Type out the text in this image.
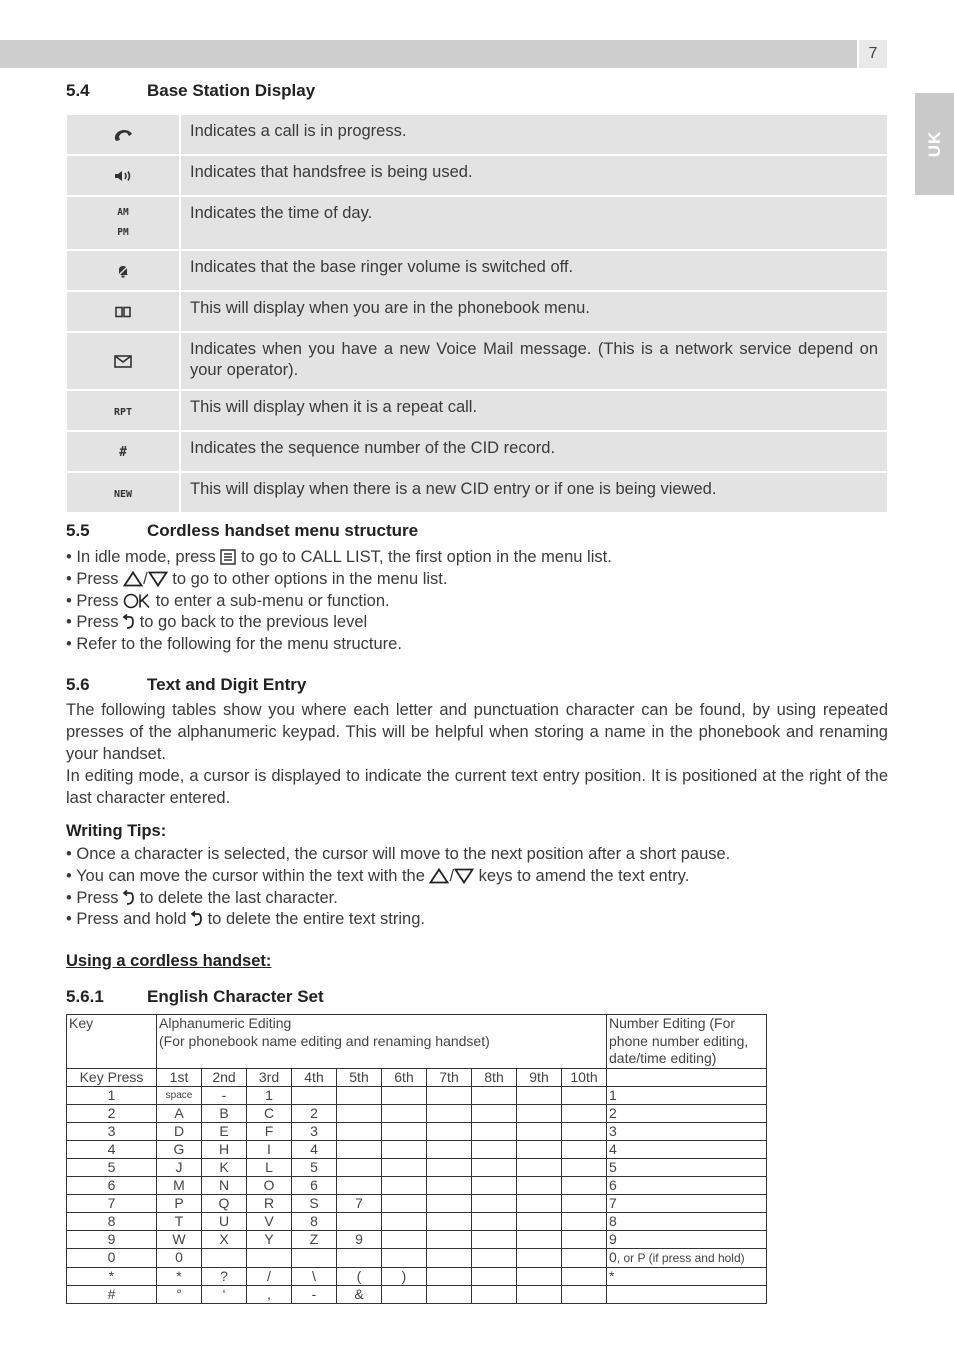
7
UK
5.4	Base Station Display
	Indicates a call is in progress.
	Indicates that handsfree is being used.

AM
PM	Indicates the time of day.
	Indicates that the base ringer volume is switched off.
	This will display when you are in the phonebook menu.
	Indicates when you have a new Voice Mail message. (This is a network service depend on your operator).
RPT	This will display when it is a repeat call.
#	Indicates the sequence number of the CID record.
NEW	This will display when there is a new CID entry or if one is being viewed.
5.5	Cordless handset menu structure
• In idle mode, press  to go to CALL LIST, the first option in the menu list.
• Press / to go to other options in the menu list.
• Press  to enter a sub-menu or function.
• Press  to go back to the previous level
• Refer to the following for the menu structure.
5.6	Text and Digit Entry
The following tables show you where each letter and punctuation character can be found, by using repeated presses of the alphanumeric keypad. This will be helpful when storing a name in the phonebook and renaming your handset.
In editing mode, a cursor is displayed to indicate the current text entry position. It is positioned at the right of the last character entered.
Writing Tips:
• Once a character is selected, the cursor will move to the next position after a short pause.
• You can move the cursor within the text with the / keys to amend the text entry.
• Press  to delete the last character.
• Press and hold  to delete the entire text string.
Using a cordless handset:
5.6.1	English Character Set
Key	Alphanumeric Editing
(For phonebook name editing and renaming handset)										Number Editing (For phone number editing, date/time editing)
Key Press	1st	2nd	3rd	4th	5th	6th	7th	8th	9th	10th	
1	space	-	1								1
2	A	B	C	2							2
3	D	E	F	3							3
4	G	H	I	4							4
5	J	K	L	5							5
6	M	N	O	6							6
7	P	Q	R	S	7						7
8	T	U	V	8							8
9	W	X	Y	Z	9						9
0	0										0, or P (if press and hold)
*	*	?	/	\	(	)					*
#	°	‘	,	-	&						
